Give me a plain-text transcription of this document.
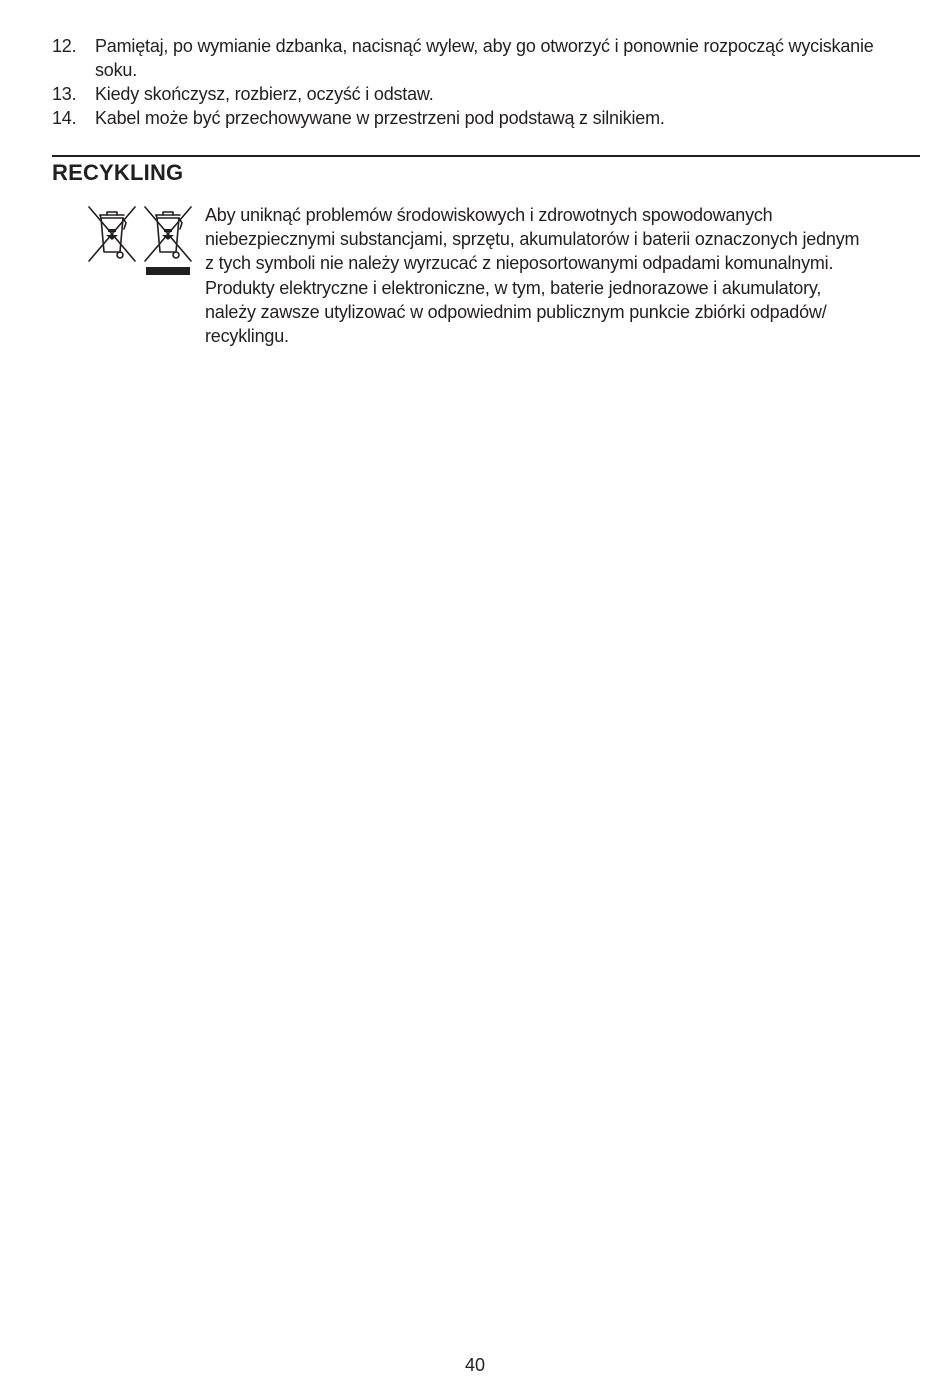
12.	Pamiętaj, po wymianie dzbanka, nacisnąć wylew, aby go otworzyć i ponownie rozpocząć wyciskanie soku.
13.	Kiedy skończysz, rozbierz, oczyść i odstaw.
14.	Kabel może być przechowywane w przestrzeni pod podstawą z silnikiem.
RECYKLING

Aby uniknąć problemów środowiskowych i zdrowotnych spowodowanych

niebezpiecznymi substancjami, sprzętu, akumulatorów i baterii oznaczonych jednym

z tych symboli nie należy wyrzucać z nieposortowanymi odpadami komunalnymi.

Produkty elektryczne i elektroniczne, w tym, baterie jednorazowe i akumulatory,

należy zawsze utylizować w odpowiednim publicznym punkcie zbiórki odpadów/

recyklingu.

40
